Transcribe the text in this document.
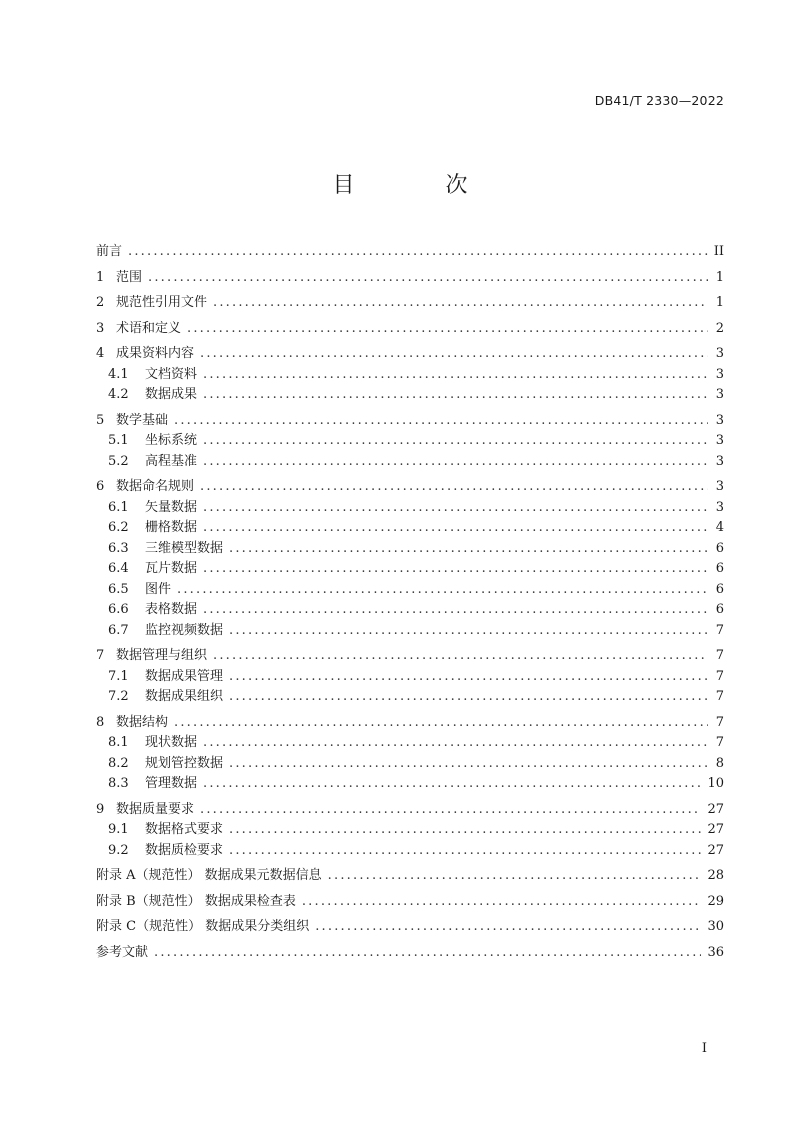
DB41/T 2330—2022
目 次
前言 .....	II
1 范围 .....	1
2 规范性引用文件 .....	1
3 术语和定义 .....	2
4 成果资料内容 .....	3
4.1	文档资料 .....	3
4.2	数据成果 .....	3
5 数学基础 .....	3
5.1	坐标系统 .....	3
5.2	高程基准 .....	3
6 数据命名规则 .....	3
6.1	矢量数据 .....	3
6.2	栅格数据 .....	4
6.3	三维模型数据 .....	6
6.4	瓦片数据 .....	6
6.5	图件 .....	6
6.6	表格数据 .....	6
6.7	监控视频数据 .....	7
7 数据管理与组织 .....	7
7.1	数据成果管理 .....	7
7.2	数据成果组织 .....	7
8 数据结构 .....	7
8.1	现状数据 .....	7
8.2	规划管控数据 .....	8
8.3	管理数据 .....	10
9 数据质量要求 .....	27
9.1	数据格式要求 .....	27
9.2	数据质检要求 .....	27
附录 A（规范性） 数据成果元数据信息 .....	28
附录 B（规范性） 数据成果检查表 .....	29
附录 C（规范性） 数据成果分类组织 .....	30
参考文献 .....	36
I
